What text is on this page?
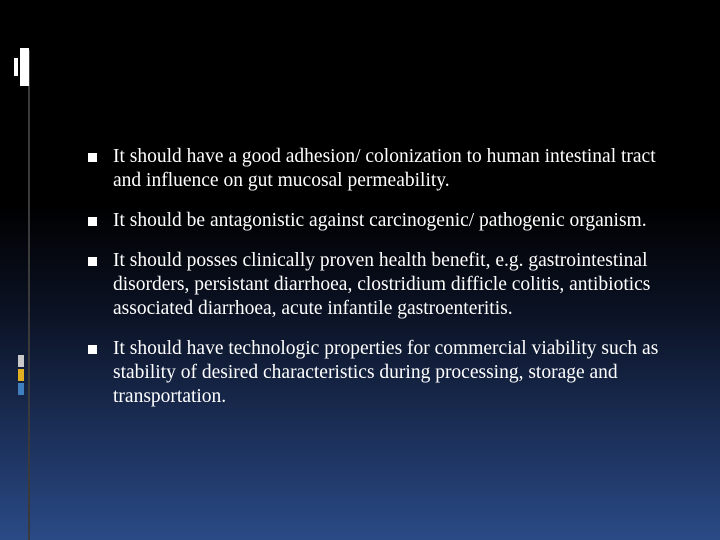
It should have a good adhesion/ colonization to human intestinal tract and influence on gut mucosal permeability.
It should be antagonistic against carcinogenic/ pathogenic organism.
It should posses clinically proven health benefit, e.g. gastrointestinal disorders, persistant diarrhoea, clostridium difficle colitis, antibiotics associated diarrhoea, acute infantile gastroenteritis.
It should have technologic properties for commercial viability such as stability of desired characteristics during processing, storage and transportation.
